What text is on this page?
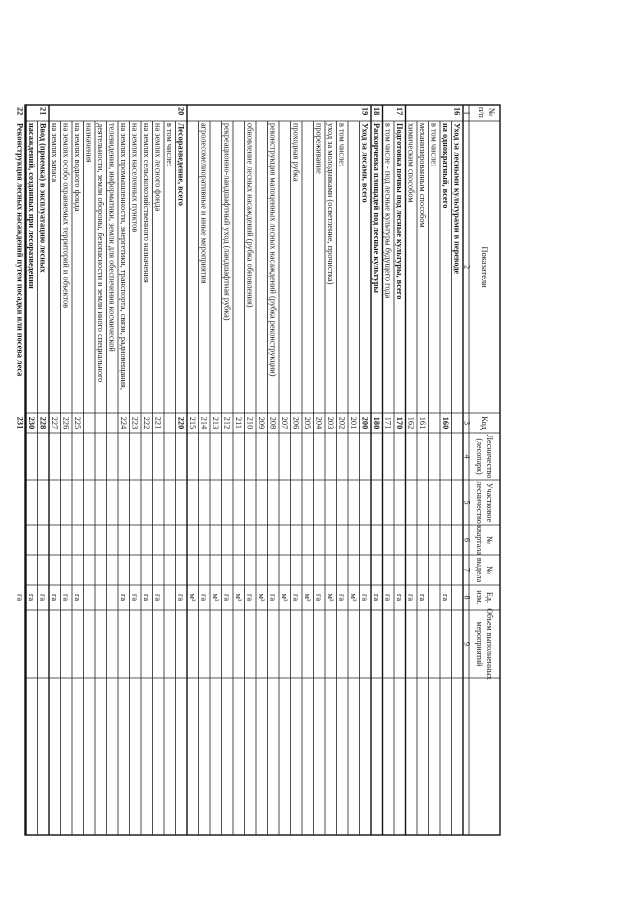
№
п/п
Показатели
Код
Лесничество
(лесопарк)
Участковое
лесничество
№
квартала
№
выдела
Ед.
изм.
Объем выполненных
мероприятий
1
2
3
4
5
6
7
8
9
16
Уход за лесными культурами в переводе
на однократный, всего
160
га
в том числе:
механизированным способом
161
га
химическим способом
162
га
17
Подготовка почвы под лесные культуры, всего
170
га
в том числе - под лесные культуры будущего года
171
га
18
Раскорчевка площадей под лесные культуры
180
га
19
Уход за лесами, всего
200
га
201
м³
в том числе:
202
га
уход за молодняками (осветление, прочистка)
203
м³
прореживание
204
га
205
м³
проходная рубка
206
га
207
м³
реконструкция малоценных лесных насаждений (рубка реконструкции)
208
га
209
м³
обновление лесных насаждений (рубка обновления)
210
га
211
м³
рекреационно-ландшафтный уход (ландшафтная рубка)
212
га
213
м³
агролесомелиоративные и иные мероприятия
214
га
215
м³
20
Лесоразведение, всего
220
га
в том числе:
на землях лесного фонда
221
га
на землях сельскохозяйственного назначения
222
га
на землях населенных пунктов
223
га
на землях промышленности, энергетики, транспорта, связи, радиовещания,
224
га
телевидения, информатики, земли для обеспечения космической
деятельности, земли обороны, безопасности и земли иного специального
назначения
на землях водного фонда
225
га
на землях особо охраняемых территорий и объектов
226
га
на землях запаса
227
га
21
Ввод (приемка) в эксплуатацию лесных
228
га
насаждений, созданных при лесоразведении
230
га
22
Реконструкция лесных насаждений путем посадки или посева леса
231
га
